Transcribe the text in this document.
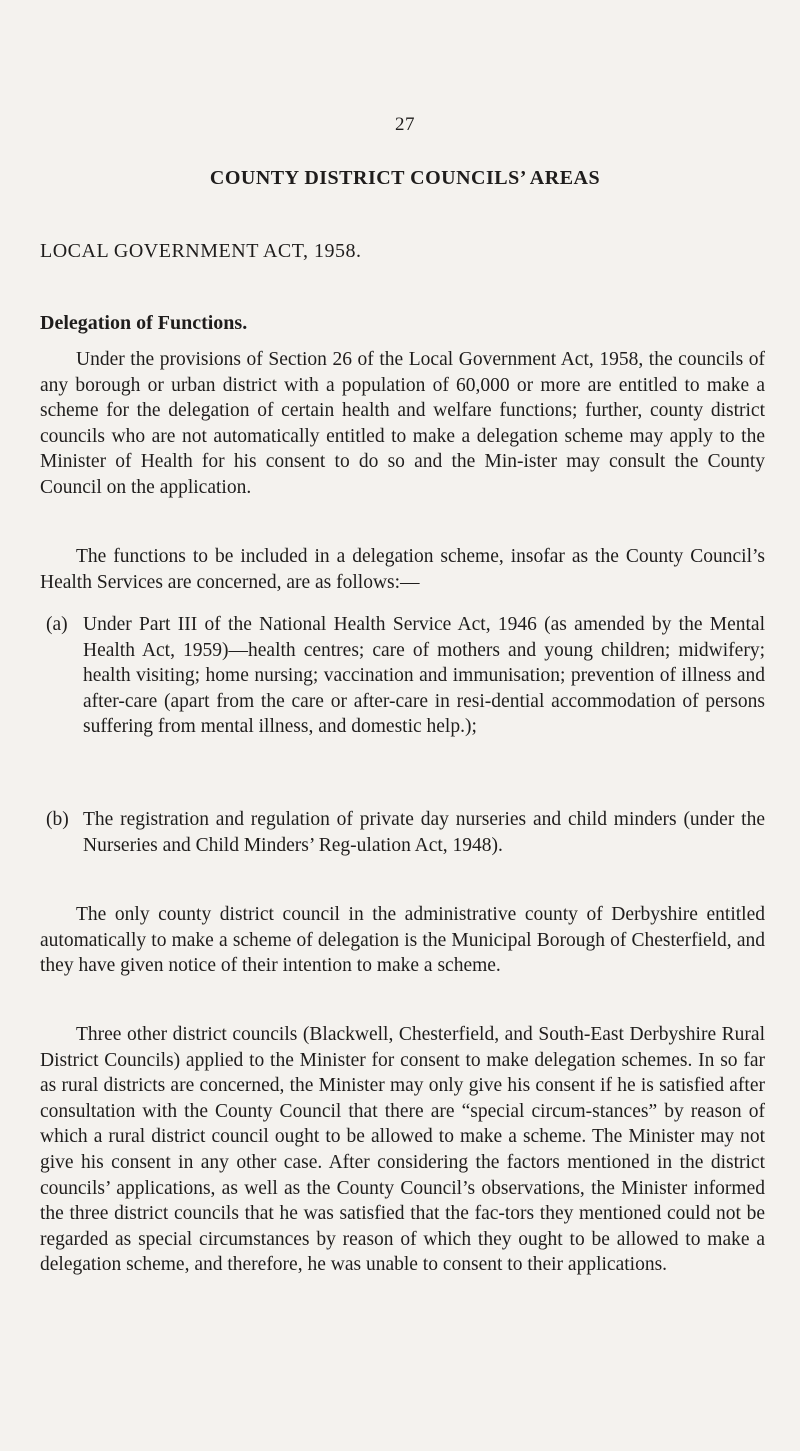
27
COUNTY DISTRICT COUNCILS’ AREAS
LOCAL GOVERNMENT ACT, 1958.
Delegation of Functions.

Under the provisions of Section 26 of the Local Government Act, 1958, the councils of any borough or urban district with a population of 60,000 or more are entitled to make a scheme for the delegation of certain health and welfare functions; further, county district councils who are not automatically entitled to make a delegation scheme may apply to the Minister of Health for his consent to do so and the Min-ister may consult the County Council on the application.

The functions to be included in a delegation scheme, insofar as the County Council’s Health Services are concerned, are as follows:—

(a) Under Part III of the National Health Service Act, 1946 (as amended by the Mental Health Act, 1959)—health centres; care of mothers and young children; midwifery; health visiting; home nursing; vaccination and immunisation; prevention of illness and after-care (apart from the care or after-care in resi-dential accommodation of persons suffering from mental illness, and domestic help.);

(b) The registration and regulation of private day nurseries and child minders (under the Nurseries and Child Minders’ Reg-ulation Act, 1948).

The only county district council in the administrative county of Derbyshire entitled automatically to make a scheme of delegation is the Municipal Borough of Chesterfield, and they have given notice of their intention to make a scheme.

Three other district councils (Blackwell, Chesterfield, and South-East Derbyshire Rural District Councils) applied to the Minister for consent to make delegation schemes. In so far as rural districts are concerned, the Minister may only give his consent if he is satisfied after consultation with the County Council that there are “special circum-stances” by reason of which a rural district council ought to be allowed to make a scheme. The Minister may not give his consent in any other case. After considering the factors mentioned in the district councils’ applications, as well as the County Council’s observations, the Minister informed the three district councils that he was satisfied that the fac-tors they mentioned could not be regarded as special circumstances by reason of which they ought to be allowed to make a delegation scheme, and therefore, he was unable to consent to their applications.
